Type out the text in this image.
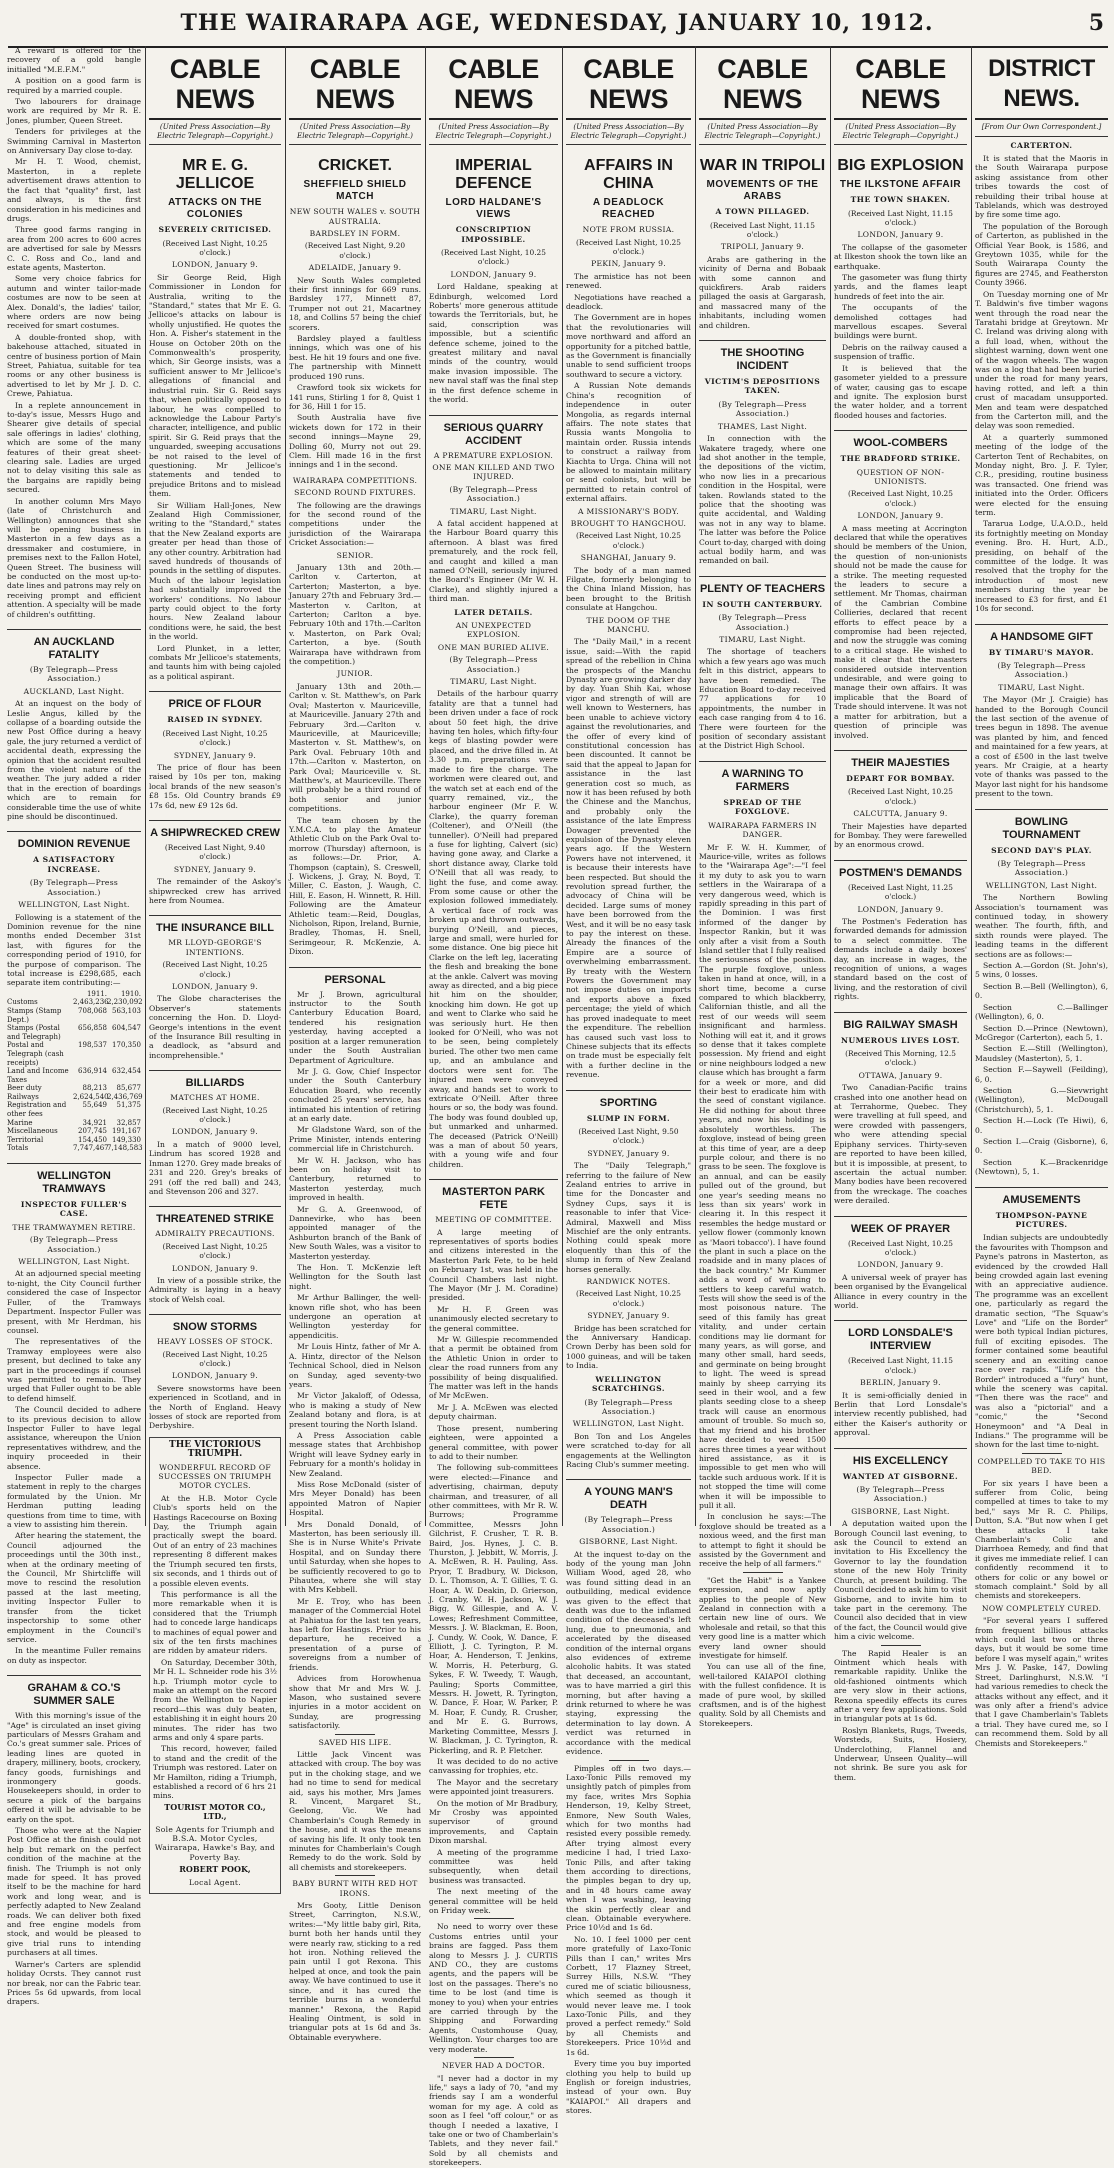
THE WAIRARAPA AGE, WEDNESDAY, JANUARY 10, 1912.	5

A reward is offered for the recovery of a gold bangle initialled "M.E.F.M."

A position on a good farm is required by a married couple.

Two labourers for drainage work are required by Mr R. E. Jones, plumber, Queen Street.

Tenders for privileges at the Swimming Carnival in Masterton on Anniversary Day close to-day.

Mr H. T. Wood, chemist, Masterton, in a replete advertisement draws attention to the fact that "quality" first, last and always, is the first consideration in his medicines and drugs.

Three good farms ranging in area from 200 acres to 600 acres are advertised for sale by Messrs C. C. Ross and Co., land and estate agents, Masterton.

Some very choice fabrics for autumn and winter tailor-made costumes are now to be seen at Alex. Donald's, the ladies' tailor, where orders are now being received for smart costumes.

A double-fronted shop, with bakehouse attached, situated in centre of business portion of Main Street, Pahiatua, suitable for tea rooms or any other business is advertised to let by Mr J. D. C. Crewe, Pahiatua.

In a replete announcement in to-day's issue, Messrs Hugo and Shearer give details of special sale offerings in ladies' clothing, which are some of the many features of their great sheet-clearing sale. Ladies are urged not to delay visiting this sale as the bargains are rapidly being secured.

In another column Mrs Mayo (late of Christchurch and Wellington) announces that she will be opening business in Masterton in a few days as a dressmaker and costumiere, in premises next to the Fallon Hotel, Queen Street. The business will be conducted on the most up-to-date lines and patrons may rely on receiving prompt and efficient attention. A specialty will be made of children's outfitting.

AN AUCKLAND FATALITY
(By Telegraph—Press Association.)
AUCKLAND, Last Night.

At an inquest on the body of Leslie Angus, killed by the collapse of a boarding outside the new Post Office during a heavy gale, the jury returned a verdict of accidental death, expressing the opinion that the accident resulted from the violent nature of the weather. The jury added a rider that in the erection of boardings which are to remain for considerable time the use of white pine should be discontinued.

DOMINION REVENUE
A SATISFACTORY INCREASE.
(By Telegraph—Press Association.)
WELLINGTON, Last Night.

Following is a statement of the Dominion revenue for the nine months ended December 31st last, with figures for the corresponding period of 1910, for the purpose of comparison. The total increase is £298,685, each separate item contributing:—

1911.	1910.
Customs	2,463,236
2,230,092
Stamps (Stamp Dept.)
708,068 563,103
Stamps (Postal and Telegraph)
656,858 604,547
Postal and Telegraph (cash receipts)
198,537 170,350
Land and Income Taxes
636,914 632,454
Beer duty	88,213	85,677
Railways	2,624,540
2,436,769
Registration and other fees
55,649	51,375
Marine	34,921	32,857
Miscellaneous	207,745 191,167
Territorial	154,450 149,330
Totals	7,747,467
7,148,583
WELLINGTON TRAMWAYS
INSPECTOR FULLER'S CASE.
THE TRAMWAYMEN RETIRE.
(By Telegraph—Press Association.)
WELLINGTON, Last Night.

At an adjourned special meeting to-night, the City Council further considered the case of Inspector Fuller, of the Tramways Department. Inspector Fuller was present, with Mr Herdman, his counsel.

The representatives of the Tramway employees were also present, but declined to take any part in the proceedings if counsel was permitted to remain. They urged that Fuller ought to be able to defend himself.

The Council decided to adhere to its previous decision to allow Inspector Fuller to have legal assistance, whereupon the Union representatives withdrew, and the inquiry proceeded in their absence.

Inspector Fuller made a statement in reply to the charges formulated by the Union. Mr Herdman putting leading questions from time to time, with a view to assisting him therein.

After hearing the statement, the Council adjourned the proceedings until the 30th inst., when at the ordinary meeting of the Council, Mr Shirtcliffe will move to rescind the resolution passed at the last meeting, inviting Inspector Fuller to transfer from the ticket inspectorship to some other employment in the Council's service.

In the meantime Fuller remains on duty as inspector.

GRAHAM & CO.'S SUMMER SALE

With this morning's issue of the "Age" is circulated an inset giving particulars of Messrs Graham and Co.'s great summer sale. Prices of leading lines are quoted in drapery, millinery, boots, crockery, fancy goods, furnishings and ironmongery goods. Housekeepers should, in order to secure a pick of the bargains offered it will be advisable to be early on the spot.

Those who were at the Napier Post Office at the finish could not help but remark on the perfect condition of the machine at the finish. The Triumph is not only made for speed. It has proved itself to be the machine for hard work and long wear, and is perfectly adapted to New Zealand roads. We can deliver both fixed and free engine models from stock, and would be pleased to give trial runs to intending purchasers at all times.

Warner's Carters are splendid holiday Ocrsts. They cannot rust nor break, nor can the Fabric tear. Prices 5s 6d upwards, from local drapers.

CABLE NEWS
(United Press Association—By Electric Telegraph—Copyright.)
MR E. G. JELLICOE
ATTACKS ON THE COLONIES
SEVERELY CRITICISED.
(Received Last Night, 10.25 o'clock.)
LONDON, January 9.

Sir George Reid, High Commissioner in London for Australia, writing to the "Standard," states that Mr E. G. Jellicoe's attacks on labour is wholly unjustified. He quotes the Hon. A. Fisher's statement in the House on October 20th on the Commonwealth's prosperity, which, Sir George insists, was a sufficient answer to Mr Jellicoe's allegations of financial and industrial ruin. Sir G. Reid says that, when politically opposed to labour, he was compelled to acknowledge the Labour Party's character, intelligence, and public spirit. Sir G. Reid prays that the unguarded, sweeping accusations be not raised to the level of questioning. Mr Jellicoe's statements and tended to prejudice Britons and to mislead them.

Sir William Hall-Jones, New Zealand High Commissioner, writing to the "Standard," states that the New Zealand exports are greater per head than those of any other country. Arbitration had saved hundreds of thousands of pounds in the settling of disputes. Much of the labour legislation had substantially improved the workers' conditions. No labour party could object to the forty hours. New Zealand labour conditions were, he said, the best in the world.

Lord Plunket, in a letter, combats Mr Jellicoe's statements, and taunts him with being cajoled as a political aspirant.

PRICE OF FLOUR
RAISED IN SYDNEY.
(Received Last Night, 10.25 o'clock.)
SYDNEY, January 9.

The price of flour has been raised by 10s per ton, making local brands of the new season's £8 15s. Old Country brands £9 17s 6d, new £9 12s 6d.

A SHIPWRECKED CREW
(Received Last Night, 9.40 o'clock.)
SYDNEY, January 9.

The remainder of the Askoy's shipwrecked crew has arrived here from Noumea.

THE INSURANCE BILL
MR LLOYD-GEORGE'S INTENTIONS.
(Received Last Night, 10.25 o'clock.)
LONDON, January 9.

The Globe characterises the Observer's statements concerning the Hon. D. Lloyd-George's intentions in the event of the Insurance Bill resulting in a deadlock, as "absurd and incomprehensible."

BILLIARDS
MATCHES AT HOME.
(Received Last Night, 10.25 o'clock.)
LONDON, January 9.

In a match of 9000 level, Lindrum has scored 1928 and Inman 1270. Grey made breaks of 231 and 220. Grey's breaks of 291 (off the red ball) and 243, and Stevenson 206 and 327.

THREATENED STRIKE
ADMIRALTY PRECAUTIONS.
(Received Last Night, 10.25 o'clock.)
LONDON, January 9.

In view of a possible strike, the Admiralty is laying in a heavy stock of Welsh coal.

SNOW STORMS
HEAVY LOSSES OF STOCK.
(Received Last Night, 10.25 o'clock.)
LONDON, January 9.

Severe snowstorms have been experienced in Scotland, and in the North of England. Heavy losses of stock are reported from Derbyshire.

THE VICTORIOUS TRIUMPH.
WONDERFUL RECORD OF SUCCESSES ON TRIUMPH MOTOR CYCLES.

At the H.B. Motor Cycle Club's sports held on the Hastings Racecourse on Boxing Day, the Triumph again practically swept the board. Out of an entry of 23 machines representing 8 different makes the Triumph secured ten firsts, six seconds, and 1 thirds out of a possible eleven events.

This performance is all the more remarkable when it is considered that the Triumph had to concede large handicaps to machines of equal power and six of the ten firsts machines are ridden by amateur riders.

On Saturday, December 30th, Mr H. L. Schneider rode his 3½ h.p. Triumph motor cycle to make an attempt on the record from the Wellington to Napier record—this was duly beaten, establishing it in eight hours 20 minutes. The rider has two arms and only 4 spare parts.

This record, however, failed to stand and the credit of the Triumph was restored. Later on Mr Hamilton, riding a Triumph, established a record of 6 hrs 21 mins.

TOURIST MOTOR CO., LTD.,
Sole Agents for Triumph and B.S.A. Motor Cycles, Wairarapa, Hawke's Bay, and Poverty Bay.
ROBERT POOK,
Local Agent.
CABLE NEWS
(United Press Association—By Electric Telegraph—Copyright.)
CRICKET.
SHEFFIELD SHIELD MATCH
NEW SOUTH WALES v. SOUTH AUSTRALIA.
BARDSLEY IN FORM.
(Received Last Night, 9.20 o'clock.)
ADELAIDE, January 9.

New South Wales completed their first innings for 669 runs. Bardsley 177, Minnett 87, Trumper not out 21, Macartney 18, and Collins 57 being the chief scorers.

Bardsley played a faultless innings, which was one of his best. He hit 19 fours and one five. The partnership with Minnett produced 190 runs.

Crawford took six wickets for 141 runs, Stirling 1 for 8, Quist 1 for 36, Hill 1 for 15.

South Australia have five wickets down for 172 in their second innings—Mayne 29, Dolling 60, Murry not out 29. Clem. Hill made 16 in the first innings and 1 in the second.

WAIRARAPA COMPETITIONS.
SECOND ROUND FIXTURES.

The following are the drawings for the second round of the competitions under the jurisdiction of the Wairarapa Cricket Association:—

SENIOR.

January 13th and 20th.—Carlton v. Carterton, at Carterton; Masterton, a bye. January 27th and February 3rd.—Masterton v. Carlton, at Carterton; Carlton a bye. February 10th and 17th.—Carlton v. Masterton, on Park Oval; Carterton, a bye. (South Wairarapa have withdrawn from the competition.)

JUNIOR.

January 13th and 20th.—Carlton v. St. Matthew's, on Park Oval; Masterton v. Mauriceville, at Mauriceville. January 27th and February 3rd.—Carlton v. Mauriceville, at Mauriceville; Masterton v. St. Matthew's, on Park Oval. February 10th and 17th.—Carlton v. Masterton, on Park Oval; Mauriceville v. St. Matthew's, at Mauriceville. There will probably be a third round of both senior and junior competitions.

The team chosen by the Y.M.C.A. to play the Amateur Athletic Club on the Park Oval to-morrow (Thursday) afternoon, is as follows:—Dr. Prior, A. Thompson (captain), S. Creswell, J. Wickens, J. Gray, N. Boyd, T. Miller, C. Easton, J. Waugh, C. Hill, E. Eason, H. Winnett, R. Hill. Following are the Amateur Athletic team:—Reid, Douglas, Nicholson, Ripon, Ireland, Burnie, Bradley, Thomas, H. Snell, Serimgeour, R. McKenzie, A. Dixon.

PERSONAL

Mr J. Brown, agricultural instructor to the South Canterbury Education Board, tendered his resignation yesterday, having accepted a position at a larger remuneration under the South Australian Department of Agriculture.

Mr J. G. Gow, Chief Inspector under the South Canterbury Education Board, who recently concluded 25 years' service, has intimated his intention of retiring at an early date.

Mr Gladstone Ward, son of the Prime Minister, intends entering commercial life in Christchurch.

Mr W. H. Jackson, who has been on holiday visit to Canterbury, returned to Masterton yesterday, much improved in health.

Mr G. A. Greenwood, of Dannevirke, who has been appointed manager of the Ashburton branch of the Bank of New South Wales, was a visitor to Masterton yesterday.

The Hon. T. McKenzie left Wellington for the South last night.

Mr Arthur Ballinger, the well-known rifle shot, who has been undergone an operation at Wellington yesterday for appendicitis.

Mr Louis Hintz, father of Mr A. A. Hintz, director of the Nelson Technical School, died in Nelson on Sunday, aged seventy-two years.

Mr Victor Jakaloff, of Odessa, who is making a study of New Zealand botany and flora, is at present touring the North Island.

A Press Association cable message states that Archbishop Wright will leave Sydney early in February for a month's holiday in New Zealand.

Miss Rose McDonald (sister of Mrs Meyer Donald) has been appointed Matron of Napier Hospital.

Mrs Donald Donald, of Masterton, has been seriously ill. She is in Nurse White's Private Hospital, and on Sunday there until Saturday, when she hopes to be sufficiently recovered to go to Pihautea, where she will stay with Mrs Kebbell.

Mr E. Troy, who has been manager of the Commercial Hotel at Pahiatua for the last ten years, has left for Hastings. Prior to his departure, he received a presentation of a purse of sovereigns from a number of friends.

Advices from Horowhenua show that Mr and Mrs W. J. Mason, who sustained severe injuries in a motor accident on Sunday, are progressing satisfactorily.

SAVED HIS LIFE.

Little Jack Vincent was attacked with croup. The boy was put in the choking stage, and we had no time to send for medical aid, says his mother, Mrs James R. Vincent, Margaret St., Geelong, Vic. We had Chamberlain's Cough Remedy in the house, and it was the means of saving his life. It only took ten minutes for Chamberlain's Cough Remedy to do the work. Sold by all chemists and storekeepers.

BABY BURNT WITH RED HOT IRONS.

Mrs Gooty, Little Denison Street, Carrington, N.S.W., writes:—"My little baby girl, Rita, burnt both her hands until they were nearly raw, sticking to a red hot iron. Nothing relieved the pain until I got Rexona. This helped at once, and took the pain away. We have continued to use it since, and it has cured the terrible burns in a wonderful manner." Rexona, the Rapid Healing Ointment, is sold in triangular pots at 1s 6d and 3s. Obtainable everywhere.

CABLE NEWS
(United Press Association—By Electric Telegraph—Copyright.)
IMPERIAL DEFENCE
LORD HALDANE'S VIEWS
CONSCRIPTION IMPOSSIBLE.
(Received Last Night, 10.25 o'clock.)
LONDON, January 9.

Lord Haldane, speaking at Edinburgh, welcomed Lord Roberts' more generous attitude towards the Territorials, but, he said, conscription was impossible, but a scientific defence scheme, joined to the greatest military and naval minds of the country, would make invasion impossible. The new naval staff was the final step in the first defence scheme in the world.

SERIOUS QUARRY ACCIDENT
A PREMATURE EXPLOSION.
ONE MAN KILLED AND TWO INJURED.
(By Telegraph—Press Association.)
TIMARU, Last Night.

A fatal accident happened at the Harbour Board quarry this afternoon. A blast was fired prematurely, and the rock fell, and caught and killed a man named O'Neill, seriously injured the Board's Engineer (Mr W. H. Clarke), and slightly injured a third man.

LATER DETAILS.
AN UNEXPECTED EXPLOSION.
ONE MAN BURIED ALIVE.
(By Telegraph—Press Association.)
TIMARU, Last Night.

Details of the harbour quarry fatality are that a tunnel had been driven under a face of rock about 50 feet high, the drive having ten holes, which fifty-four kegs of blasting powder were placed, and the drive filled in. At 3.30 p.m. preparations were made to fire the charge. The workmen were cleared out, and the watch set at each end of the quarry remained, viz., the harbour engineer (Mr F. W. Clarke), the quarry foreman (Coltener), and O'Neill (the tunneller). O'Neill had prepared a fuse for lighting, Calvert (sic) having gone away, and Clarke a short distance away, Clarke told O'Neill that all was ready, to light the fuse, and come away. From some cause or other the explosion followed immediately. A vertical face of rock was broken up and thrown outwards, burying O'Neill, and pieces, large and small, were hurled for some distance. One big piece hit Clarke on the left leg, lacerating the flesh and breaking the bone at the ankle. Calvert was moving away as directed, and a big piece hit him on the shoulder, knocking him down. He got up and went to Clarke who said he was seriously hurt. He then looked for O'Neill, who was not to be seen, being completely buried. The other two men came up, and an ambulance and doctors were sent for. The injured men were conveyed away, and hands set to work to extricate O'Neill. After three hours or so, the body was found. The body was found doubled up, but unmarked and unharmed. The deceased (Patrick O'Neill) was a man of about 50 years, with a young wife and four children.

MASTERTON PARK FETE
MEETING OF COMMITTEE.

A large meeting of representatives of sports bodies and citizens interested in the Masterton Park Fete, to be held on February 1st, was held in the Council Chambers last night. The Mayor (Mr J. M. Coradine) presided.

Mr H. F. Green was unanimously elected secretary to the general committee.

Mr W. Gillespie recommended that a permit be obtained from the Athletic Union in order to clear the road runners from any possibility of being disqualified. The matter was left in the hands of Mr McEwen.

Mr J. A. McEwen was elected deputy chairman.

Those present, numbering eighteen, were appointed a general committee, with power to add to their number.

The following sub-committees were elected:—Finance and advertising, chairman, deputy chairman, and treasurer, of all other committees, with Mr R. W. Burrows; Programme Committee, Messrs John Gilchrist, F. Crusher, T. R. B. Baird, Jos. Hynes, J. C. B. Thurston, J. Jebbitt, W. Morris, J. A. McEwen, R. H. Pauling, Ass. Pryor, T. Bradbury, W. Dickson, D. L. Thomson, A. T. Gillies, T. G. Hoar, A. W. Deakin, D. Grierson, J. Cranby, W. H. Jackson, W. J. Bigg, W. Gillespie, and A. V. Lowes; Refreshment Committee, Messrs. J. W. Blackman, E. Boon, J. Cundy, W. Cook, W. Dance, F. Elliott, J. C. Tyrington, P. M. Hoar, A. Henderson, T. Jenkins, W. Morris, H. Peterburg, G. Sykes, F. W. Tweedy, T. Waugh, Pauling; Sports Committee, Messrs. H. Jowett, R. Tyrington, W. Dance, F. Hoar, W. Parker, P. M. Hoar, F. Cundy, R. Crusher, and Mr E. G. Burrows, Marketing Committee, Messrs J. W. Blackman, J. C. Tyrington, R. Pickerling, and R. P. Fletcher.

It was decided to do no active canvassing for trophies, etc.

The Mayor and the secretary were appointed joint treasurers.

On the motion of Mr Bradbury, Mr Crosby was appointed supervisor of ground improvements, and Captain Dixon marshal.

A meeting of the programme committee was held subsequently, when detail business was transacted.

The next meeting of the general committee will be held on Friday week.

No need to worry over these Customs entries until your brains are fagged. Pass them along to Messrs J. J. CURTIS AND CO., they are customs agents, and the papers will be lost on the passages. There's no time to be lost (and time is money to you) when your entries are carried through by the Shipping and Forwarding Agents, Customhouse Quay, Wellington. Your charges too are very moderate.

NEVER HAD A DOCTOR.

"I never had a doctor in my life," says a lady of 70, "and my friends say I am a wonderful woman for my age. A cold as soon as I feel "off colour," or as though I needed a laxative, I take one or two of Chamberlain's Tablets, and they never fail." Sold by all chemists and storekeepers.

CABLE NEWS
(United Press Association—By Electric Telegraph—Copyright.)
AFFAIRS IN CHINA
A DEADLOCK REACHED
NOTE FROM RUSSIA.
(Received Last Night, 10.25 o'clock.)
PEKIN, January 9.

The armistice has not been renewed.

Negotiations have reached a deadlock.

The Government are in hopes that the revolutionaries will move northward and afford an opportunity for a pitched battle, as the Government is financially unable to send sufficient troops southward to secure a victory.

A Russian Note demands China's recognition of independence in outer Mongolia, as regards internal affairs. The note states that Russia wants Mongolia to maintain order. Russia intends to construct a railway from Kiachta to Urga. China will not be allowed to maintain military or send colonists, but will be permitted to retain control of external affairs.

A MISSIONARY'S BODY.
BROUGHT TO HANGCHOU.
(Received Last Night, 10.25 o'clock.)
SHANGHAI, January 9.

The body of a man named Filgate, formerly belonging to the China Inland Mission, has been brought to the British consulate at Hangchou.

THE DOOM OF THE MANCHU.

The "Daily Mail," in a recent issue, said:—With the rapid spread of the rebellion in China the prospects of the Manchu Dynasty are growing darker day by day. Yuan Shih Kai, whose vigor and strength of will are well known to Westerners, has been unable to achieve victory against the revolutionaries, and the offer of every kind of constitutional concession has been discounted. It cannot be said that the appeal to Japan for assistance in the last generation cost so much, as now it has been refused by both the Chinese and the Manchus, and probably only the assistance of the late Empress Dowager prevented the expulsion of the Dynasty eleven years ago. If the Western Powers have not intervened, it is because their interests have been respected. But should the revolution spread further, the advocacy of China will be decided. Large sums of money have been borrowed from the West, and it will be no easy task to pay the interest on these. Already the finances of the Empire are a source of overwhelming embarrassment. By treaty with the Western Powers the Government may not impose duties on imports and exports above a fixed percentage; the yield of which has proved inadequate to meet the expenditure. The rebellion has caused such vast loss to Chinese subjects that its effects on trade must be especially felt with a further decline in the revenue.

SPORTING
SLUMP IN FORM.
(Received Last Night, 9.50 o'clock.)
SYDNEY, January 9.

The "Daily Telegraph," referring to the failure of New Zealand entries to arrive in time for the Doncaster and Sydney Cups, says it is reasonable to infer that Vice-Admiral, Maxwell and Miss Mischief are the only entrants. Nothing could speak more eloquently than this of the slump in form of New Zealand horses generally.

RANDWICK NOTES.
(Received Last Night, 10.25 o'clock.)
SYDNEY, January 9.

Bridge has been scratched for the Anniversary Handicap. Crown Derby has been sold for 1000 guineas, and will be taken to India.

WELLINGTON SCRATCHINGS.
(By Telegraph—Press Association.)
WELLINGTON, Last Night.

Bon Ton and Los Angeles were scratched to-day for all engagements at the Wellington Racing Club's summer meeting.

A YOUNG MAN'S DEATH
(By Telegraph—Press Association.)
GISBORNE, Last Night.

At the inquest to-day on the body of the young man John William Wood, aged 28, who was found sitting dead in an outbuilding, medical evidence was given to the effect that death was due to the inflamed condition of the deceased's left lung, due to pneumonia, and accelerated by the diseased condition of the internal organs also evidences of extreme alcoholic habits. It was stated that deceased, an accountant, was to have married a girl this morning, but after having a drink returned to where he was staying, expressing the determination to lay down. A verdict was returned in accordance with the medical evidence.

Pimples off in two days.—Laxo-Tonic Pills removed my unsightly patch of pimples from my face, writes Mrs Sophia Henderson, 19, Kelby Street, Enmore, New South Wales, which for two months had resisted every possible remedy. After trying almost every medicine I had, I tried Laxo-Tonic Pills, and after taking them according to directions, the pimples began to dry up, and in 48 hours came away when I was washing, leaving the skin perfectly clear and clean. Obtainable everywhere. Price 10½d and 1s 6d.

No. 10. I feel 1000 per cent more gratefully of Laxo-Tonic Pills than I can," writes Mrs Corbett, 17 Flazney Street, Surrey Hills, N.S.W. "They cured me of sciatic biliousness, which seemed as though it would never leave me. I took Laxo-Tonic Pills, and they proved a perfect remedy." Sold by all Chemists and Storekeepers. Price 10½d and 1s 6d.

Every time you buy imported clothing you help to build up English or foreign industries, instead of your own. Buy "KAIAPOI." All drapers and stores.

CABLE NEWS
(United Press Association—By Electric Telegraph—Copyright.)
WAR IN TRIPOLI
MOVEMENTS OF THE ARABS
A TOWN PILLAGED.
(Received Last Night, 11.15 o'clock.)
TRIPOLI, January 9.

Arabs are gathering in the vicinity of Derna and Bobaak with some cannon and quickfirers. Arab raiders pillaged the oasis at Gargarash, and massacred many of the inhabitants, including women and children.

THE SHOOTING INCIDENT
VICTIM'S DEPOSITIONS TAKEN.
(By Telegraph—Press Association.)
THAMES, Last Night.

In connection with the Wakatere tragedy, where one lad shot another in the temple, the depositions of the victim, who now lies in a precarious condition in the Hospital, were taken. Rowlands stated to the police that the shooting was quite accidental, and Walding was not in any way to blame. The latter was before the Police Court to-day, charged with doing actual bodily harm, and was remanded on bail.

PLENTY OF TEACHERS
IN SOUTH CANTERBURY.
(By Telegraph—Press Association.)
TIMARU, Last Night.

The shortage of teachers which a few years ago was much felt in this district, appears to have been remedied. The Education Board to-day received 77 applications for 10 appointments, the number in each case ranging from 4 to 16. There were fourteen for the position of secondary assistant at the District High School.

A WARNING TO FARMERS
SPREAD OF THE FOXGLOVE.
WAIRARAPA FARMERS IN DANGER.

Mr F. W. H. Kummer, of Maurice-ville, writes as follows to the "Wairarapa Age":—"I feel it my duty to ask you to warn settlers in the Wairarapa of a very dangerous weed, which is rapidly spreading in this part of the Dominion. I was first informed of the danger by Inspector Rankin, but it was only after a visit from a South Island settler that I fully realised the seriousness of the position. The purple foxglove, unless taken in hand at once, will, in a short time, become a curse compared to which blackberry, Californian thistle, and all the rest of our weeds will seem insignificant and harmless. Nothing will eat it, and it grows so dense that it takes complete possession. My friend and eight or nine neighbours lodged a new clause which has brought a farm for a week or more, and did their best to eradicate him with the seed of constant vigilance. He did nothing for about three years, and now his holding is absolutely worthless. The foxglove, instead of being green at this time of year, are a deep purple colour, and there is no grass to be seen. The foxglove is an annual, and can be easily pulled out of the ground, but one year's seeding means no less than six years' work in clearing it. In this respect it resembles the hedge mustard or yellow flower (commonly known as 'Maori tobacco'). I have found the plant in such a place on the roadside and in many places of the back country." Mr Kummer adds a word of warning to settlers to keep careful watch. Tests will show the seed is of the most poisonous nature. The seed of this family has great vitality, and under certain conditions may lie dormant for many years, as will gorse, and many other small, hard seeds, and germinate on being brought to light. The weed is spread mainly by sheep carrying its seed in their wool, and a few plants seeding close to a sheep track will cause an enormous amount of trouble. So much so, that my friend and his brother have decided to weed 1500 acres three times a year without hired assistance, as it is impossible to get men who will tackle such arduous work. If it is not stopped the time will come when it will be impossible to pull it all.

In conclusion he says:—The foxglove should be treated as a noxious weed, and the first man to attempt to fight it should be assisted by the Government and receive the help of all farmers."

"Get the Habit" is a Yankee expression, and now aptly applies to the people of New Zealand in connection with a certain new line of ours. We wholesale and retail, so that this very good line is a matter which every land owner should investigate for himself.

You can use all of the fine, well-tailored KAIAPOI clothing with the fullest confidence. It is made of pure wool, by skilled craftsmen, and is of the highest quality. Sold by all Chemists and Storekeepers.

CABLE NEWS
(United Press Association—By Electric Telegraph—Copyright.)
BIG EXPLOSION
THE ILKSTONE AFFAIR
THE TOWN SHAKEN.
(Received Last Night, 11.15 o'clock.)
LONDON, January 9.

The collapse of the gasometer at Ilkeston shook the town like an earthquake.

The gasometer was flung thirty yards, and the flames leapt hundreds of feet into the air.

The occupants of the demolished cottages had marvellous escapes. Several buildings were burnt.

Debris on the railway caused a suspension of traffic.

It is believed that the gasometer yielded to a pressure of water, causing gas to escape and ignite. The explosion burst the water holder, and a torrent flooded houses and factories.

WOOL-COMBERS
THE BRADFORD STRIKE.
QUESTION OF NON-UNIONISTS.
(Received Last Night, 10.25 o'clock.)
LONDON, January 9.

A mass meeting at Accrington declared that while the operatives should be members of the Union, the question of non-unionists should not be made the cause for a strike. The meeting requested the leaders to secure a settlement. Mr Thomas, chairman of the Cambrian Combine Collieries, declared that recent efforts to effect peace by a compromise had been rejected, and now the struggle was coming to a critical stage. He wished to make it clear that the masters considered outside intervention undesirable, and were going to manage their own affairs. It was implicable that the Board of Trade should intervene. It was not a matter for arbitration, but a question of principle was involved.

THEIR MAJESTIES
DEPART FOR BOMBAY.
(Received Last Night, 10.25 o'clock.)
CALCUTTA, January 9.

Their Majesties have departed for Bombay. They were farewelled by an enormous crowd.

POSTMEN'S DEMANDS
(Received Last Night, 11.25 o'clock.)
LONDON, January 9.

The Postmen's Federation has forwarded demands for admission to a select committee. The demands include a daily boxes' day, an increase in wages, the recognition of unions, a wages standard based on the cost of living, and the restoration of civil rights.

BIG RAILWAY SMASH
NUMEROUS LIVES LOST.
(Received This Morning, 12.5 o'clock.)
OTTAWA, January 9.

Two Canadian-Pacific trains crashed into one another head on at Terrahorme, Quebec. They were travelling at full speed, and were crowded with passengers, who were attending special Epiphany services. Thirty-seven are reported to have been killed, but it is impossible, at present, to ascertain the actual number. Many bodies have been recovered from the wreckage. The coaches were derailed.

WEEK OF PRAYER
(Received Last Night, 10.25 o'clock.)
LONDON, January 9.

A universal week of prayer has been organised by the Evangelical Alliance in every country in the world.

LORD LONSDALE'S INTERVIEW
(Received Last Night, 11.15 o'clock.)
BERLIN, January 9.

It is semi-officially denied in Berlin that Lord Lonsdale's interview recently published, had either the Kaiser's authority or approval.

HIS EXCELLENCY
WANTED AT GISBORNE.
(By Telegraph—Press Association.)
GISBORNE, Last Night.

A deputation waited upon the Borough Council last evening, to ask the Council to extend an invitation to His Excellency the Governor to lay the foundation stone of the new Holy Trinity Church, at present building. The Council decided to ask him to visit Gisborne, and to invite him to take part in the ceremony. The Council also decided that in view of the fact, the Council would give him a civic welcome.

The Rapid Healer is an Ointment which heals with remarkable rapidity. Unlike the old-fashioned ointments which are very slow in their actions, Rexona speedily effects its cures after a very few applications. Sold in triangular pots at 1s 6d.

Roslyn Blankets, Rugs, Tweeds, Worsteds, Suits, Hosiery, Underclothing, Flannel and Underwear, Unseen Quality—will not shrink. Be sure you ask for them.

DISTRICT NEWS.
[From Our Own Correspondent.]
CARTERTON.

It is stated that the Maoris in the South Wairarapa purpose asking assistance from other tribes towards the cost of rebuilding their tribal house at Tablelands, which was destroyed by fire some time ago.

The population of the Borough of Carterton, as published in the Official Year Book, is 1586, and Greytown 1035, while for the South Wairarapa County the figures are 2745, and Featherston County 3966.

On Tuesday morning one of Mr T. Baldwin's five timber wagons went through the road near the Taratahi bridge at Greytown. Mr C. Ireland was driving along with a full load, when, without the slightest warning, down went one of the wagon wheels. The wagon was on a log that had been buried under the road for many years, having rotted, and left a thin crust of macadam unsupported. Men and team were despatched from the Carterton mill, and the delay was soon remedied.

At a quarterly summoned meeting of the lodge of the Carterton Tent of Rechabites, on Monday night, Bro. J. F. Tyler, C.R., presiding, routine business was transacted. One friend was initiated into the Order. Officers were elected for the ensuing term.

Tararua Lodge, U.A.O.D., held its fortnightly meeting on Monday evening. Bro. H. Hurt, A.D., presiding, on behalf of the committee of the lodge. It was resolved that the trophy for the introduction of most new members during the year be increased to £3 for first, and £1 10s for second.

A HANDSOME GIFT
BY TIMARU'S MAYOR.
(By Telegraph—Press Association.)
TIMARU, Last Night.

The Mayor (Mr J. Craigie) has handed to the Borough Council the last section of the avenue of trees begun in 1898. The avenue was planted by him, and fenced and maintained for a few years, at a cost of £500 in the last twelve years. Mr Craigie, at a hearty vote of thanks was passed to the Mayor last night for his handsome present to the town.

BOWLING TOURNAMENT
SECOND DAY'S PLAY.
(By Telegraph—Press Association.)
WELLINGTON, Last Night.

The Northern Bowling Association's tournament was continued today, in showery weather. The fourth, fifth, and sixth rounds were played. The leading teams in the different sections are as follows:—

Section A.—Gordon (St. John's), 5 wins, 0 losses.

Section B.—Bell (Wellington), 6, 0.

Section C.—Ballinger (Wellington), 6, 0.

Section D.—Prince (Newtown), McGregor (Carterton), each 5, 1.

Section E.—Still (Wellington), Maudsley (Masterton), 5, 1.

Section F.—Saywell (Feilding), 6, 0.

Section G.—Sievwright (Wellington), McDougall (Christchurch), 5, 1.

Section H.—Lock (Te Hiwi), 6, 0.

Section I.—Craig (Gisborne), 6, 0.

Section K.—Brackenridge (Newtown), 5, 1.

AMUSEMENTS
THOMPSON-PAYNE PICTURES.

Indian subjects are undoubtedly the favourites with Thompson and Payne's patrons in Masterton, as evidenced by the crowded Hall being crowded again last evening with an appreciative audience. The programme was an excellent one, particularly as regard the dramatic section, "The Squaw's Love" and "Life on the Border" were both typical Indian pictures, full of exciting episodes. The former contained some beautiful scenery and an exciting canoe race over rapids. "Life on the Border" introduced a "fury" hunt, while the scenery was capital. "Then there was the race" and was also a "pictorial" and a "comic," the "Second Honeymoon" and "A Deal in Indians." The programme will be shown for the last time to-night.

COMPELLED TO TAKE TO HIS BED.

For six years I have been a sufferer from Colic, being compelled at times to take to my bed," says Mr R. C. Philips, Dutton, S.A. "But now when I get these attacks I take Chamberlain's Colic and Diarrhoea Remedy, and find that it gives me immediate relief. I can confidently recommend it to others for colic or any bowel or stomach complaint." Sold by all chemists and storekeepers.

NOW COMPLETELY CURED.

"For several years I suffered from frequent billious attacks which could last two or three days, but it would be some time before I was myself again," writes Mrs J. W. Paske, 147, Dowling Street, Darlinghurst, N.S.W. "I had various remedies to check the attacks without any effect, and it was only after a friend's advice that I gave Chamberlain's Tablets a trial. They have cured me, so I can recommend them. Sold by all Chemists and Storekeepers."
